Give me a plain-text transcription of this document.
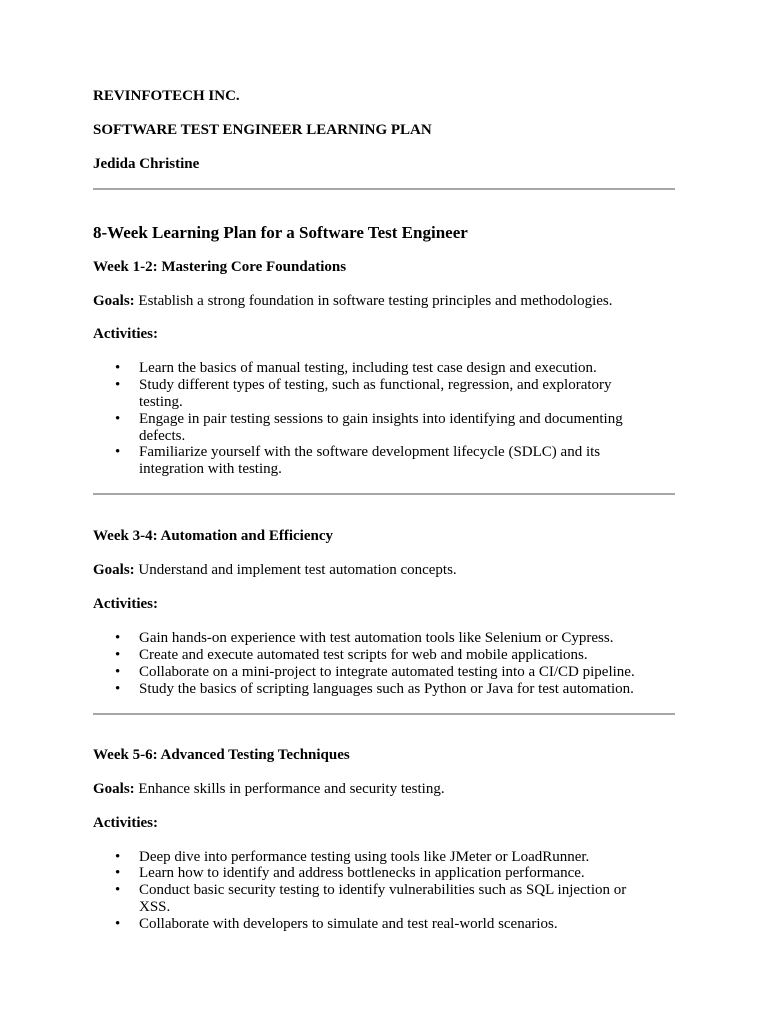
REVINFOTECH INC.
SOFTWARE TEST ENGINEER LEARNING PLAN
Jedida Christine
8-Week Learning Plan for a Software Test Engineer
Week 1-2: Mastering Core Foundations
Goals: Establish a strong foundation in software testing principles and methodologies.
Activities:
• Learn the basics of manual testing, including test case design and execution.
• Study different types of testing, such as functional, regression, and exploratory
testing.
• Engage in pair testing sessions to gain insights into identifying and documenting
defects.
• Familiarize yourself with the software development lifecycle (SDLC) and its
integration with testing.
Week 3-4: Automation and Efficiency
Goals: Understand and implement test automation concepts.
Activities:
• Gain hands-on experience with test automation tools like Selenium or Cypress.
• Create and execute automated test scripts for web and mobile applications.
• Collaborate on a mini-project to integrate automated testing into a CI/CD pipeline.
• Study the basics of scripting languages such as Python or Java for test automation.
Week 5-6: Advanced Testing Techniques
Goals: Enhance skills in performance and security testing.
Activities:
• Deep dive into performance testing using tools like JMeter or LoadRunner.
• Learn how to identify and address bottlenecks in application performance.
• Conduct basic security testing to identify vulnerabilities such as SQL injection or
XSS.
• Collaborate with developers to simulate and test real-world scenarios.
